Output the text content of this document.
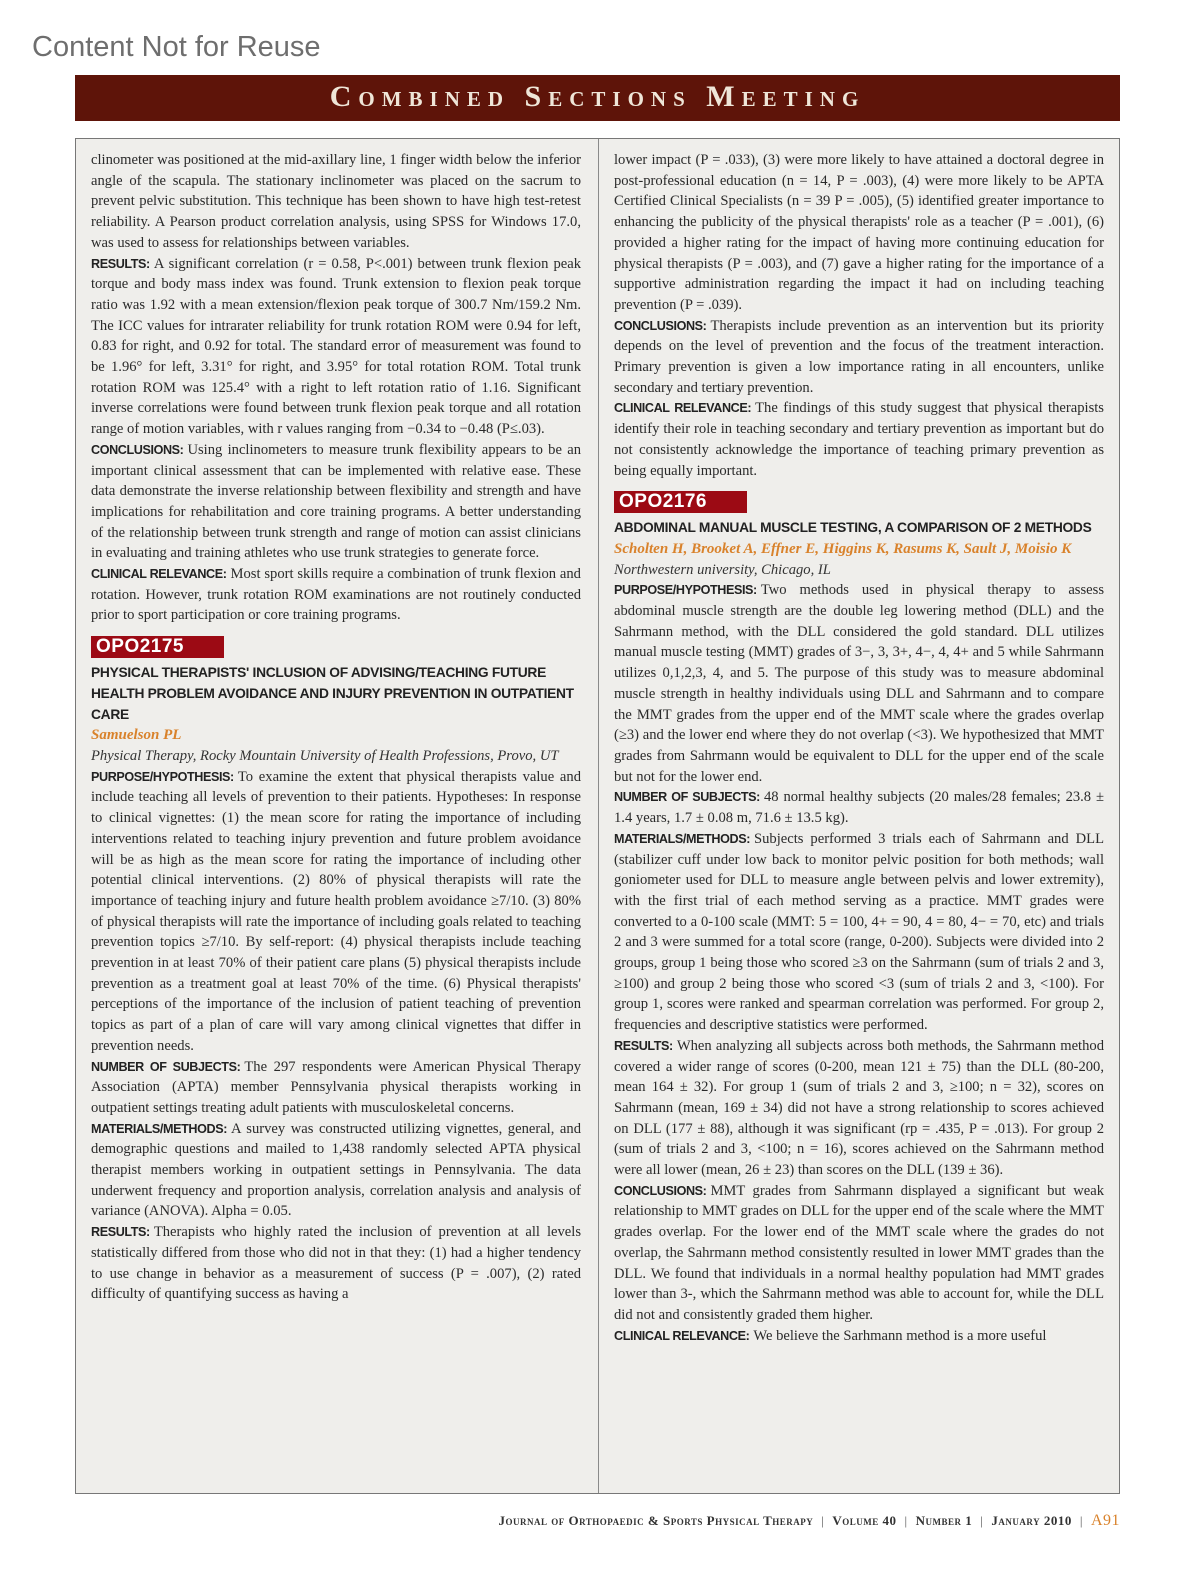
Content Not for Reuse
Combined Sections Meeting

clinometer was positioned at the mid-axillary line, 1 finger width below the inferior angle of the scapula. The stationary inclinometer was placed on the sacrum to prevent pelvic substitution. This technique has been shown to have high test-retest reliability. A Pearson product correlation analysis, using SPSS for Windows 17.0, was used to assess for relationships between variables.

RESULTS: A significant correlation (r = 0.58, P<.001) between trunk flexion peak torque and body mass index was found. Trunk extension to flexion peak torque ratio was 1.92 with a mean extension/flexion peak torque of 300.7 Nm/159.2 Nm. The ICC values for intrarater reliability for trunk rotation ROM were 0.94 for left, 0.83 for right, and 0.92 for total. The standard error of measurement was found to be 1.96° for left, 3.31° for right, and 3.95° for total rotation ROM. Total trunk rotation ROM was 125.4° with a right to left rotation ratio of 1.16. Significant inverse correlations were found between trunk flexion peak torque and all rotation range of motion variables, with r values ranging from −0.34 to −0.48 (P≤.03).

CONCLUSIONS: Using inclinometers to measure trunk flexibility appears to be an important clinical assessment that can be implemented with relative ease. These data demonstrate the inverse relationship between flexibility and strength and have implications for rehabilitation and core training programs. A better understanding of the relationship between trunk strength and range of motion can assist clinicians in evaluating and training athletes who use trunk strategies to generate force.

CLINICAL RELEVANCE: Most sport skills require a combination of trunk flexion and rotation. However, trunk rotation ROM examinations are not routinely conducted prior to sport participation or core training programs.

OPO2175
PHYSICAL THERAPISTS' INCLUSION OF ADVISING/TEACHING FUTURE HEALTH PROBLEM AVOIDANCE AND INJURY PREVENTION IN OUTPATIENT CARE
Samuelson PL
Physical Therapy, Rocky Mountain University of Health Professions, Provo, UT

PURPOSE/HYPOTHESIS: To examine the extent that physical therapists value and include teaching all levels of prevention to their patients. Hypotheses: In response to clinical vignettes: (1) the mean score for rating the importance of including interventions related to teaching injury prevention and future problem avoidance will be as high as the mean score for rating the importance of including other potential clinical interventions. (2) 80% of physical therapists will rate the importance of teaching injury and future health problem avoidance ≥7/10. (3) 80% of physical therapists will rate the importance of including goals related to teaching prevention topics ≥7/10. By self-report: (4) physical therapists include teaching prevention in at least 70% of their patient care plans (5) physical therapists include prevention as a treatment goal at least 70% of the time. (6) Physical therapists' perceptions of the importance of the inclusion of patient teaching of prevention topics as part of a plan of care will vary among clinical vignettes that differ in prevention needs.

NUMBER OF SUBJECTS: The 297 respondents were American Physical Therapy Association (APTA) member Pennsylvania physical therapists working in outpatient settings treating adult patients with musculoskeletal concerns.

MATERIALS/METHODS: A survey was constructed utilizing vignettes, general, and demographic questions and mailed to 1,438 randomly selected APTA physical therapist members working in outpatient settings in Pennsylvania. The data underwent frequency and proportion analysis, correlation analysis and analysis of variance (ANOVA). Alpha = 0.05.

RESULTS: Therapists who highly rated the inclusion of prevention at all levels statistically differed from those who did not in that they: (1) had a higher tendency to use change in behavior as a measurement of success (P = .007), (2) rated difficulty of quantifying success as having a

lower impact (P = .033), (3) were more likely to have attained a doctoral degree in post-professional education (n = 14, P = .003), (4) were more likely to be APTA Certified Clinical Specialists (n = 39 P = .005), (5) identified greater importance to enhancing the publicity of the physical therapists' role as a teacher (P = .001), (6) provided a higher rating for the impact of having more continuing education for physical therapists (P = .003), and (7) gave a higher rating for the importance of a supportive administration regarding the impact it had on including teaching prevention (P = .039).

CONCLUSIONS: Therapists include prevention as an intervention but its priority depends on the level of prevention and the focus of the treatment interaction. Primary prevention is given a low importance rating in all encounters, unlike secondary and tertiary prevention.

CLINICAL RELEVANCE: The findings of this study suggest that physical therapists identify their role in teaching secondary and tertiary prevention as important but do not consistently acknowledge the importance of teaching primary prevention as being equally important.

OPO2176
ABDOMINAL MANUAL MUSCLE TESTING, A COMPARISON OF 2 METHODS
Scholten H, Brooket A, Effner E, Higgins K, Rasums K, Sault J, Moisio K
Northwestern university, Chicago, IL

PURPOSE/HYPOTHESIS: Two methods used in physical therapy to assess abdominal muscle strength are the double leg lowering method (DLL) and the Sahrmann method, with the DLL considered the gold standard. DLL utilizes manual muscle testing (MMT) grades of 3−, 3, 3+, 4−, 4, 4+ and 5 while Sahrmann utilizes 0,1,2,3, 4, and 5. The purpose of this study was to measure abdominal muscle strength in healthy individuals using DLL and Sahrmann and to compare the MMT grades from the upper end of the MMT scale where the grades overlap (≥3) and the lower end where they do not overlap (<3). We hypothesized that MMT grades from Sahrmann would be equivalent to DLL for the upper end of the scale but not for the lower end.

NUMBER OF SUBJECTS: 48 normal healthy subjects (20 males/28 females; 23.8 ± 1.4 years, 1.7 ± 0.08 m, 71.6 ± 13.5 kg).

MATERIALS/METHODS: Subjects performed 3 trials each of Sahrmann and DLL (stabilizer cuff under low back to monitor pelvic position for both methods; wall goniometer used for DLL to measure angle between pelvis and lower extremity), with the first trial of each method serving as a practice. MMT grades were converted to a 0-100 scale (MMT: 5 = 100, 4+ = 90, 4 = 80, 4− = 70, etc) and trials 2 and 3 were summed for a total score (range, 0-200). Subjects were divided into 2 groups, group 1 being those who scored ≥3 on the Sahrmann (sum of trials 2 and 3, ≥100) and group 2 being those who scored <3 (sum of trials 2 and 3, <100). For group 1, scores were ranked and spearman correlation was performed. For group 2, frequencies and descriptive statistics were performed.

RESULTS: When analyzing all subjects across both methods, the Sahrmann method covered a wider range of scores (0-200, mean 121 ± 75) than the DLL (80-200, mean 164 ± 32). For group 1 (sum of trials 2 and 3, ≥100; n = 32), scores on Sahrmann (mean, 169 ± 34) did not have a strong relationship to scores achieved on DLL (177 ± 88), although it was significant (rp = .435, P = .013). For group 2 (sum of trials 2 and 3, <100; n = 16), scores achieved on the Sahrmann method were all lower (mean, 26 ± 23) than scores on the DLL (139 ± 36).

CONCLUSIONS: MMT grades from Sahrmann displayed a significant but weak relationship to MMT grades on DLL for the upper end of the scale where the MMT grades overlap. For the lower end of the MMT scale where the grades do not overlap, the Sahrmann method consistently resulted in lower MMT grades than the DLL. We found that individuals in a normal healthy population had MMT grades lower than 3-, which the Sahrmann method was able to account for, while the DLL did not and consistently graded them higher.

CLINICAL RELEVANCE: We believe the Sarhmann method is a more useful

Journal of Orthopaedic & Sports Physical Therapy | Volume 40 | Number 1 | January 2010 | A91
